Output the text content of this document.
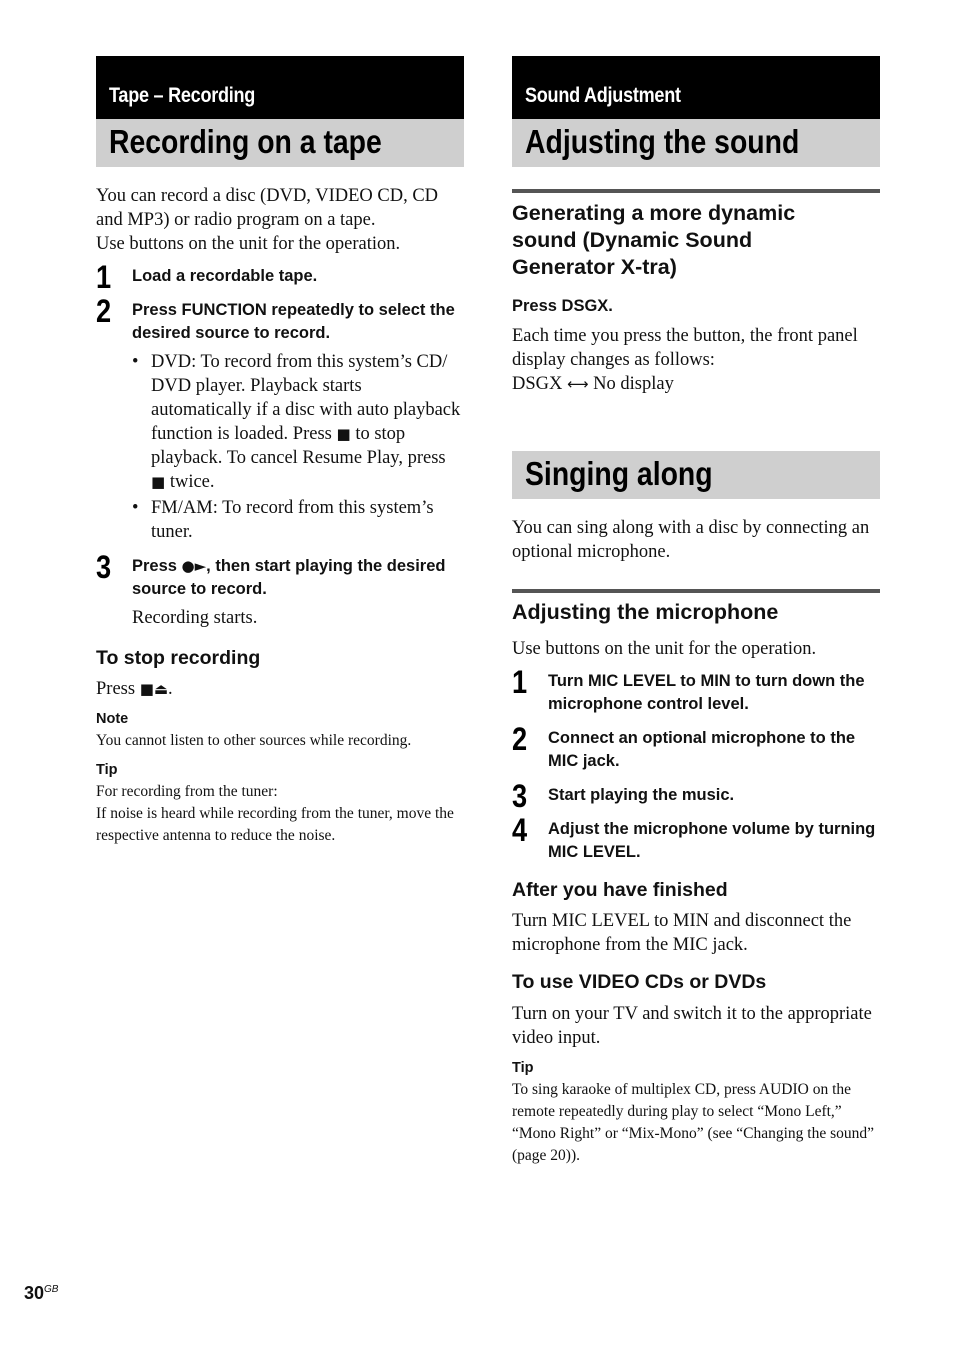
Tape – Recording
Recording on a tape

You can record a disc (DVD, VIDEO CD, CD

and MP3) or radio program on a tape.

Use buttons on the unit for the operation.

1 Load a recordable tape.
2 Press FUNCTION repeatedly to select the desired source to record.
• DVD: To record from this system’s CD/ DVD player. Playback starts automatically if a disc with auto playback function is loaded. Press ■ to stop playback. To cancel Resume Play, press ■ twice.
• FM/AM: To record from this system’s tuner.
3 Press ●►, then start playing the desired source to record.

Recording starts.

To stop recording

Press ■⏏.

Note

You cannot listen to other sources while recording.

Tip

For recording from the tuner:

If noise is heard while recording from the tuner, move the respective antenna to reduce the noise.

Sound Adjustment
Adjusting the sound
Generating a more dynamic
sound (Dynamic Sound
Generator X-tra)
Press DSGX.

Each time you press the button, the front panel display changes as follows:

DSGX ⟷ No display

Singing along

You can sing along with a disc by connecting an optional microphone.

Adjusting the microphone

Use buttons on the unit for the operation.

1 Turn MIC LEVEL to MIN to turn down the microphone control level.
2 Connect an optional microphone to the MIC jack.
3 Start playing the music.
4 Adjust the microphone volume by turning MIC LEVEL.
After you have finished

Turn MIC LEVEL to MIN and disconnect the microphone from the MIC jack.

To use VIDEO CDs or DVDs

Turn on your TV and switch it to the appropriate video input.

Tip

To sing karaoke of multiplex CD, press AUDIO on the remote repeatedly during play to select “Mono Left,” “Mono Right” or “Mix-Mono” (see “Changing the sound” (page 20)).

$30^{GB}$
